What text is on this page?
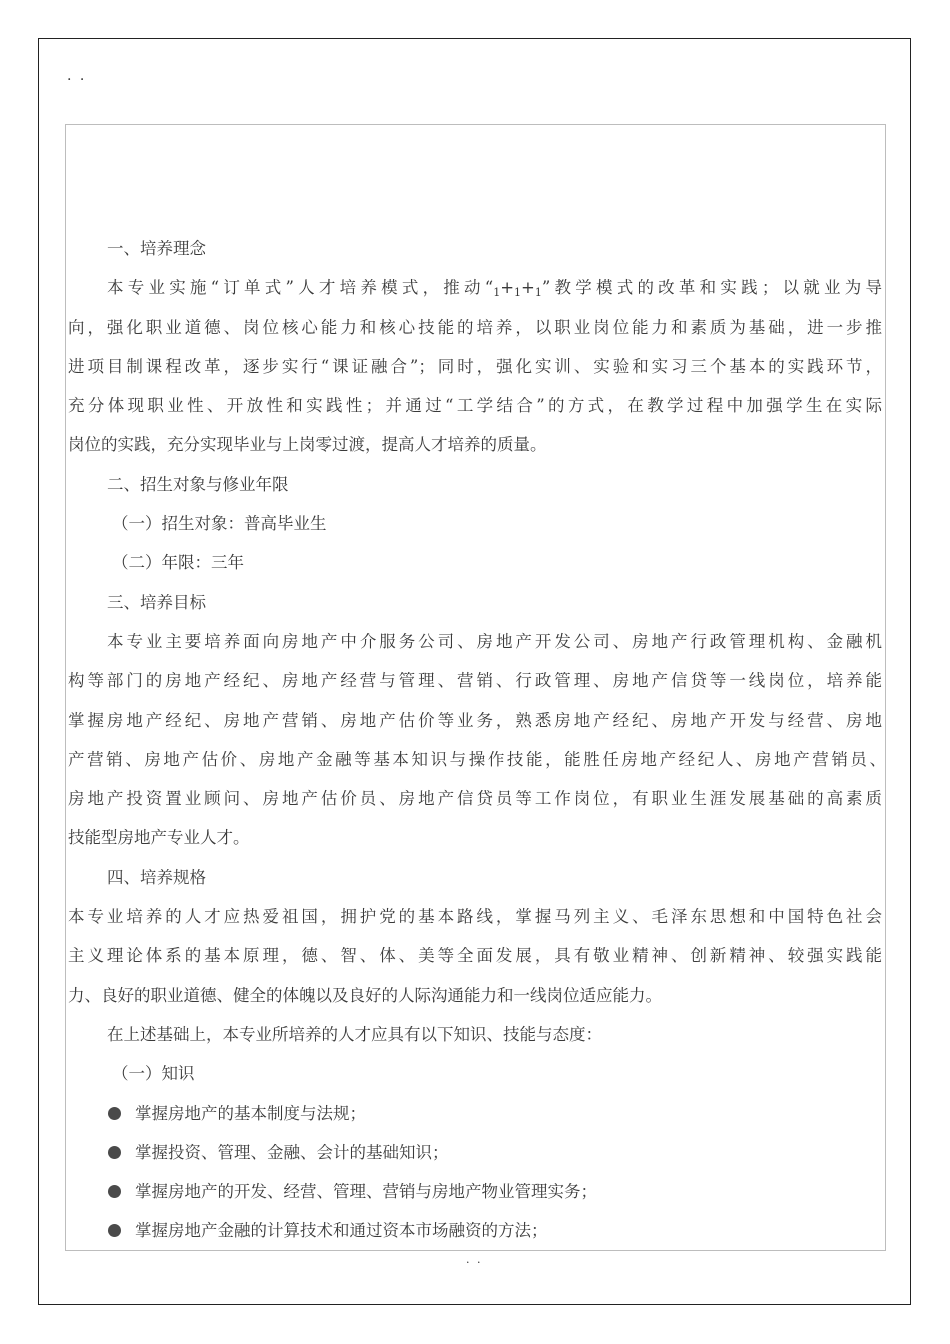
. .
一、培养理念
本专业实施“订单式”人才培养模式，推动“$_1+_1+_1$”教学模式的改革和实践；以就业为导
向，强化职业道德、岗位核心能力和核心技能的培养，以职业岗位能力和素质为基础，进一步推
进项目制课程改革，逐步实行“课证融合”；同时，强化实训、实验和实习三个基本的实践环节，
充分体现职业性、开放性和实践性；并通过“工学结合”的方式，在教学过程中加强学生在实际
岗位的实践，充分实现毕业与上岗零过渡，提高人才培养的质量。
二、招生对象与修业年限
（一）招生对象：普高毕业生
（二）年限：三年
三、培养目标
本专业主要培养面向房地产中介服务公司、房地产开发公司、房地产行政管理机构、金融机
构等部门的房地产经纪、房地产经营与管理、营销、行政管理、房地产信贷等一线岗位，培养能
掌握房地产经纪、房地产营销、房地产估价等业务，熟悉房地产经纪、房地产开发与经营、房地
产营销、房地产估价、房地产金融等基本知识与操作技能，能胜任房地产经纪人、房地产营销员、
房地产投资置业顾问、房地产估价员、房地产信贷员等工作岗位，有职业生涯发展基础的高素质
技能型房地产专业人才。
四、培养规格
本专业培养的人才应热爱祖国，拥护党的基本路线，掌握马列主义、毛泽东思想和中国特色社会
主义理论体系的基本原理，德、智、体、美等全面发展，具有敬业精神、创新精神、较强实践能
力、良好的职业道德、健全的体魄以及良好的人际沟通能力和一线岗位适应能力。
在上述基础上，本专业所培养的人才应具有以下知识、技能与态度：
（一）知识
掌握房地产的基本制度与法规；
掌握投资、管理、金融、会计的基础知识；
掌握房地产的开发、经营、管理、营销与房地产物业管理实务；
掌握房地产金融的计算技术和通过资本市场融资的方法；
. .
